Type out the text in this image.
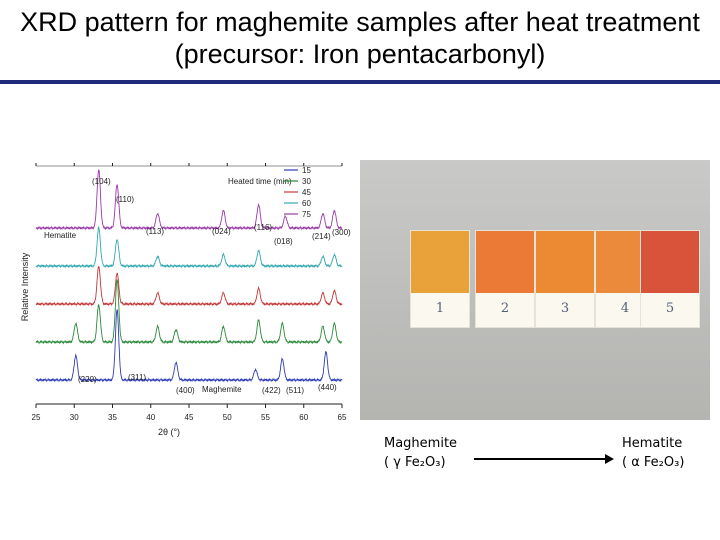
XRD pattern for maghemite samples after heat treatment
(precursor: Iron pentacarbonyl)
25	30	35	40	45	50	55	60	65
2θ (°)
Relative Intensity
Hematite
Maghemite
(104)
(110)
(113)	(024)	(116)
(018)
(214) (300)
(220)	(311)
(400)	(422) (511) (440)
Heated time (min)
15
30
45
60
75
1	2	3	4	5
Maghemite
( γ Fe₂O₃)
Hematite
( α Fe₂O₃)
